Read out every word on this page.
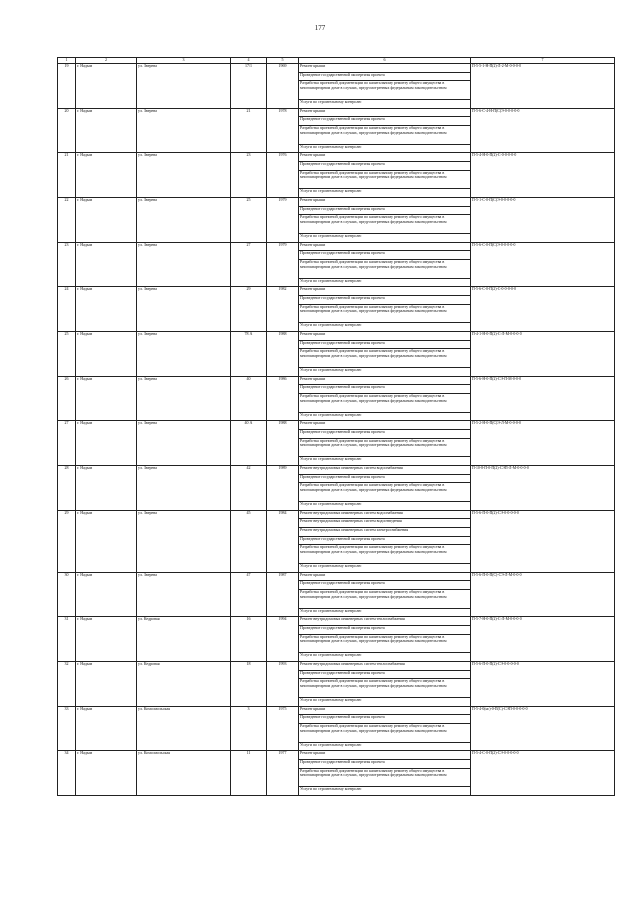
177
1	2	3	4	5	6	7
19	г. Надым	ул. Зверева	17/1	1969	Ремонт крыши	П-5-5-1-Н-П(2)-Л-2-М-0-0-0-0
					Проведение государственной экспертизы проекта	
					Разработка проектной документации по капитальному ремонту общего имущества в многоквартирном доме в случаях, предусмотренных федеральным законодательством	
					Услуги по строительному контролю	
20	г. Надым	ул. Зверева	21	1978	Ремонт крыши	П-5-6-С-4-Н-П(С)Э-0-0-0-0-0
					Проведение государственной экспертизы проекта	
					Разработка проектной документации по капитальному ремонту общего имущества в многоквартирном доме в случаях, предусмотренных федеральным законодательством	
					Услуги по строительному контролю	
21	г. Надым	ул. Зверева	23	1976	Ремонт крыши	П-5-4-Н-0-П(2)-С-0-0-0-0-0
					Проведение государственной экспертизы проекта	
					Разработка проектной документации по капитальному ремонту общего имущества в многоквартирном доме в случаях, предусмотренных федеральным законодательством	
					Услуги по строительному контролю	
22	г. Надым	ул. Зверева	25	1979	Ремонт крыши	П-5-1-С-0-П(С)Э-0-0-0-0-0
					Проведение государственной экспертизы проекта	
					Разработка проектной документации по капитальному ремонту общего имущества в многоквартирном доме в случаях, предусмотренных федеральным законодательством	
					Услуги по строительному контролю	
23	г. Надым	ул. Зверева	27	1979	Ремонт крыши	П-5-6-С-0-П(С)Э-0-0-0-0-0
					Проведение государственной экспертизы проекта	
					Разработка проектной документации по капитальному ремонту общего имущества в многоквартирном доме в случаях, предусмотренных федеральным законодательством	
					Услуги по строительному контролю	
24	г. Надым	ул. Зверева	29	1982	Ремонт крыши	П-5-6-С-0-П(2)-С-0-0-0-0-0
					Проведение государственной экспертизы проекта	
					Разработка проектной документации по капитальному ремонту общего имущества в многоквартирном доме в случаях, предусмотренных федеральным законодательством	
					Услуги по строительному контролю	
25	г. Надым	ул. Зверева	78 А	1988	Ремонт крыши	П-4-1-Н-0-П(2)-С-Л-М-0-0-0-0
					Проведение государственной экспертизы проекта	
					Разработка проектной документации по капитальному ремонту общего имущества в многоквартирном доме в случаях, предусмотренных федеральным законодательством	
					Услуги по строительному контролю	
26	г. Надым	ул. Зверева	40	1986	Ремонт крыши	П-5-6-Н-0-П(2)-СЭ-П-М-0-0-0
					Проведение государственной экспертизы проекта	
					Разработка проектной документации по капитальному ремонту общего имущества в многоквартирном доме в случаях, предусмотренных федеральным законодательством	
					Услуги по строительному контролю	
27	г. Надым	ул. Зверева	40 А	1988	Ремонт крыши	П-5-2-Н-0-П(С)Э-Л-М-0-0-0-0
					Проведение государственной экспертизы проекта	
					Разработка проектной документации по капитальному ремонту общего имущества в многоквартирном доме в случаях, предусмотренных федеральным законодательством	
					Услуги по строительному контролю	
28	г. Надым	ул. Зверева	42	1989	Ремонт внутридомовых инженерных систем водоснабжения	П-10-8-П-0-П(2)-СЭП-Л-М-0-0-0-0
					Проведение государственной экспертизы проекта	
					Разработка проектной документации по капитальному ремонту общего имущества в многоквартирном доме в случаях, предусмотренных федеральным законодательством	
					Услуги по строительному контролю	
29	г. Надым	ул. Зверева	45	1984	Ремонт внутридомовых инженерных систем водоснабжения	П-5-6-П-0-П(2)-СЭ-0-0-0-0-0
					Ремонт внутридомовых инженерных систем водоотведения	
					Ремонт внутридомовых инженерных систем электроснабжения	
					Проведение государственной экспертизы проекта	
					Разработка проектной документации по капитальному ремонту общего имущества в многоквартирном доме в случаях, предусмотренных федеральным законодательством	
					Услуги по строительному контролю	
30	г. Надым	ул. Зверева	47	1987	Ремонт крыши	П-5-6-П-0-П(С)-СЭ-Л-М-0-0-0
					Проведение государственной экспертизы проекта	
					Разработка проектной документации по капитальному ремонту общего имущества в многоквартирном доме в случаях, предусмотренных федеральным законодательством	
					Услуги по строительному контролю	
31	г. Надым	ул. Кедровая	16	1994	Ремонт внутридомовых инженерных систем теплоснабжения	П-5-7-Н-0-П(2)-С-Л-М-0-0-0-0
					Проведение государственной экспертизы проекта	
					Разработка проектной документации по капитальному ремонту общего имущества в многоквартирном доме в случаях, предусмотренных федеральным законодательством	
					Услуги по строительному контролю	
32	г. Надым	ул. Кедровая	18	1993	Ремонт внутридомовых инженерных систем теплоснабжения	П-5-6-П-0-П(2)-СЭ-0-0-0-0-0
					Проведение государственной экспертизы проекта	
					Разработка проектной документации по капитальному ремонту общего имущества в многоквартирном доме в случаях, предусмотренных федеральным законодательством	
					Услуги по строительному контролю	
33	г. Надым	ул. Комсомольская	3	1975	Ремонт крыши	П-5-4-0(нс)-0-П(С)-СЭП-0-0-0-0-0
					Проведение государственной экспертизы проекта	
					Разработка проектной документации по капитальному ремонту общего имущества в многоквартирном доме в случаях, предусмотренных федеральным законодательством	
					Услуги по строительному контролю	
34	г. Надым	ул. Комсомольская	11	1977	Ремонт крыши	П-5-4-С-0-П(2)-СЭ-0-0-0-0-0
					Проведение государственной экспертизы проекта	
					Разработка проектной документации по капитальному ремонту общего имущества в многоквартирном доме в случаях, предусмотренных федеральным законодательством	
					Услуги по строительному контролю	
